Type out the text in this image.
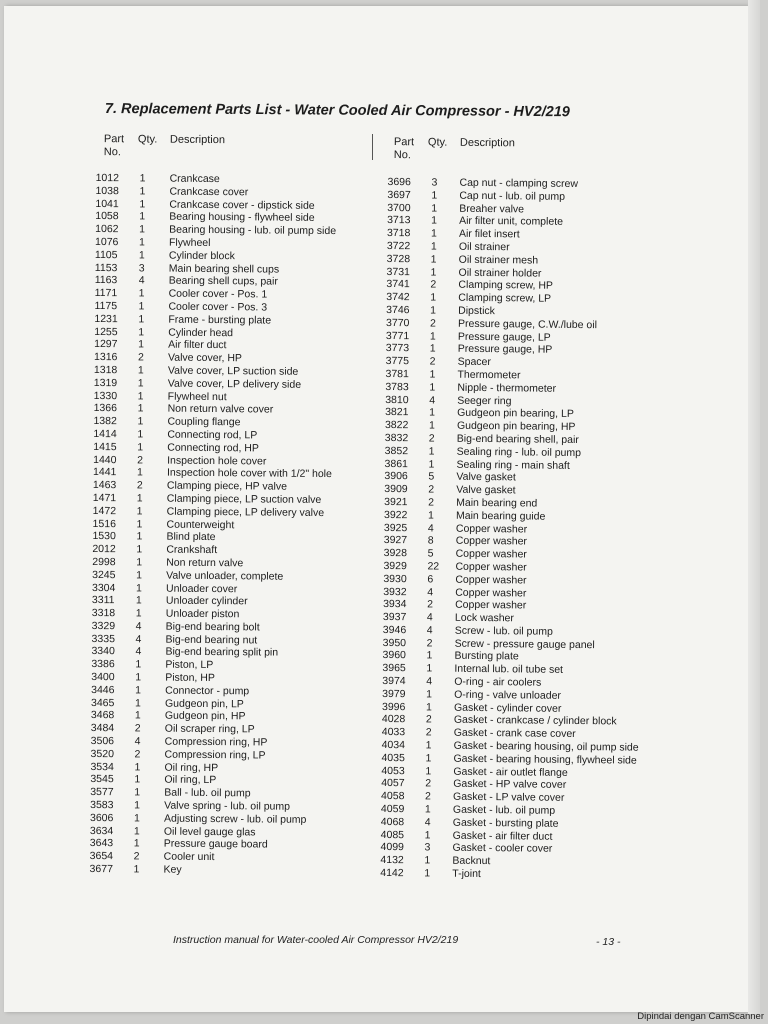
7. Replacement Parts List - Water Cooled Air Compressor - HV2/219
Part No.
Qty. Description
1012	1	Crankcase
1038	1	Crankcase cover
1041	1	Crankcase cover - dipstick side
1058	1	Bearing housing - flywheel side
1062	1	Bearing housing - lub. oil pump side
1076	1	Flywheel
1105	1	Cylinder block
1153	3	Main bearing shell cups
1163	4	Bearing shell cups, pair
1171	1	Cooler cover - Pos. 1
1175	1	Cooler cover - Pos. 3
1231	1	Frame - bursting plate
1255	1	Cylinder head
1297	1	Air filter duct
1316	2	Valve cover, HP
1318	1	Valve cover, LP suction side
1319	1	Valve cover, LP delivery side
1330	1	Flywheel nut
1366	1	Non return valve cover
1382	1	Coupling flange
1414	1	Connecting rod, LP
1415	1	Connecting rod, HP
1440	2	Inspection hole cover
1441	1	Inspection hole cover with 1/2" hole
1463	2	Clamping piece, HP valve
1471	1	Clamping piece, LP suction valve
1472	1	Clamping piece, LP delivery valve
1516	1	Counterweight
1530	1	Blind plate
2012	1	Crankshaft
2998	1	Non return valve
3245	1	Valve unloader, complete
3304	1	Unloader cover
3311	1	Unloader cylinder
3318	1	Unloader piston
3329	4	Big-end bearing bolt
3335	4	Big-end bearing nut
3340	4	Big-end bearing split pin
3386	1	Piston, LP
3400	1	Piston, HP
3446	1	Connector - pump
3465	1	Gudgeon pin, LP
3468	1	Gudgeon pin, HP
3484	2	Oil scraper ring, LP
3506	4	Compression ring, HP
3520	2	Compression ring, LP
3534	1	Oil ring, HP
3545	1	Oil ring, LP
3577	1	Ball - lub. oil pump
3583	1	Valve spring - lub. oil pump
3606	1	Adjusting screw - lub. oil pump
3634	1	Oil level gauge glas
3643	1	Pressure gauge board
3654	2	Cooler unit
3677	1	Key
Part No.
Qty. Description
3696	3	Cap nut - clamping screw
3697	1	Cap nut - lub. oil pump
3700	1	Breaher valve
3713	1	Air filter unit, complete
3718	1	Air filet insert
3722	1	Oil strainer
3728	1	Oil strainer mesh
3731	1	Oil strainer holder
3741	2	Clamping screw, HP
3742	1	Clamping screw, LP
3746	1	Dipstick
3770	2	Pressure gauge, C.W./lube oil
3771	1	Pressure gauge, LP
3773	1	Pressure gauge, HP
3775	2	Spacer
3781	1	Thermometer
3783	1	Nipple - thermometer
3810	4	Seeger ring
3821	1	Gudgeon pin bearing, LP
3822	1	Gudgeon pin bearing, HP
3832	2	Big-end bearing shell, pair
3852	1	Sealing ring - lub. oil pump
3861	1	Sealing ring - main shaft
3906	5	Valve gasket
3909	2	Valve gasket
3921	2	Main bearing end
3922	1	Main bearing guide
3925	4	Copper washer
3927	8	Copper washer
3928	5	Copper washer
3929	22	Copper washer
3930	6	Copper washer
3932	4	Copper washer
3934	2	Copper washer
3937	4	Lock washer
3946	4	Screw - lub. oil pump
3950	2	Screw - pressure gauge panel
3960	1	Bursting plate
3965	1	Internal lub. oil tube set
3974	4	O-ring - air coolers
3979	1	O-ring - valve unloader
3996	1	Gasket - cylinder cover
4028	2	Gasket - crankcase / cylinder block
4033	2	Gasket - crank case cover
4034	1	Gasket - bearing housing, oil pump side
4035	1	Gasket - bearing housing, flywheel side
4053	1	Gasket - air outlet flange
4057	2	Gasket - HP valve cover
4058	2	Gasket - LP valve cover
4059	1	Gasket - lub. oil pump
4068	4	Gasket - bursting plate
4085	1	Gasket - air filter duct
4099	3	Gasket - cooler cover
4132	1	Backnut
4142	1	T-joint
Instruction manual for Water-cooled Air Compressor HV2/219	- 13 -
Dipindai dengan CamScanner
